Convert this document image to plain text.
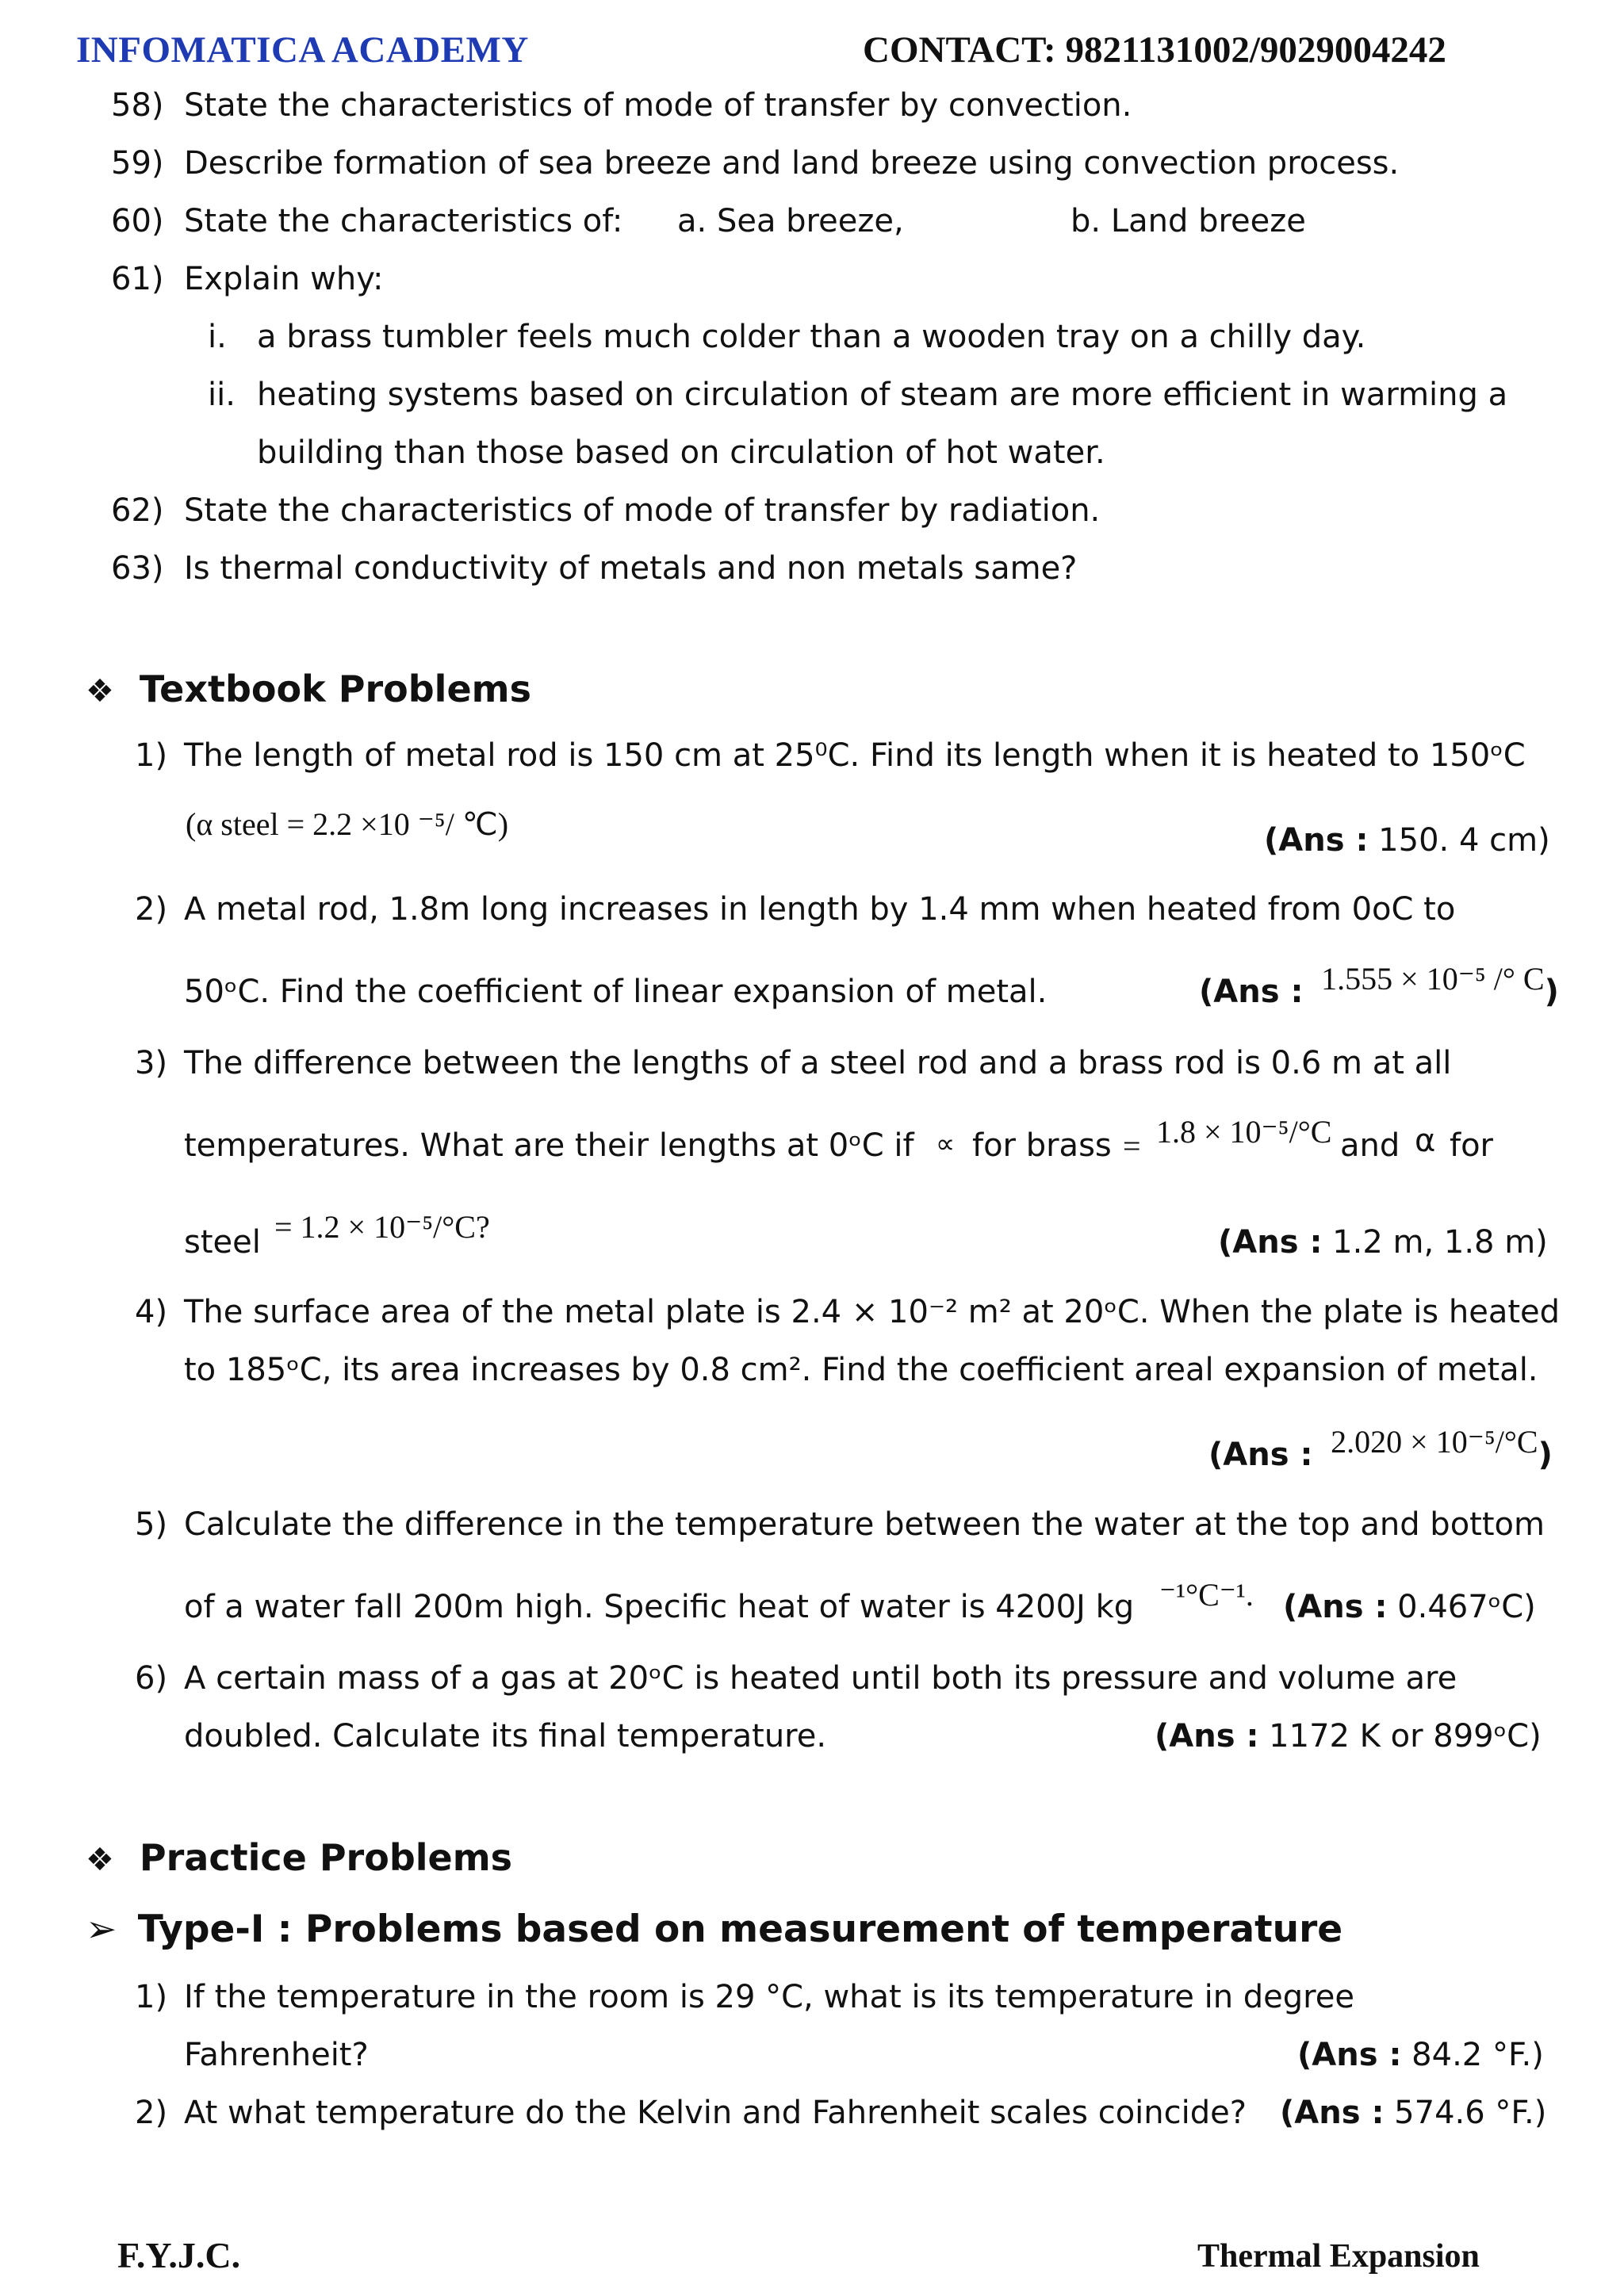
INFOMATICA ACADEMY	CONTACT: 9821131002/9029004242
58) State the characteristics of mode of transfer by convection.
59) Describe formation of sea breeze and land breeze using convection process.
60) State the characteristics of: a. Sea breeze,	b. Land breeze
61) Explain why:
i. a brass tumbler feels much colder than a wooden tray on a chilly day.
ii. heating systems based on circulation of steam are more efficient in warming a
building than those based on circulation of hot water.
62) State the characteristics of mode of transfer by radiation.
63) Is thermal conductivity of metals and non metals same?
❖ Textbook Problems
1) The length of metal rod is 150 cm at 25⁰C. Find its length when it is heated to 150ᵒC
(α steel = 2.2 ×10 ⁻⁵/ ℃)	(Ans : 150. 4 cm)
2) A metal rod, 1.8m long increases in length by 1.4 mm when heated from 0oC to
50ᵒC. Find the coefficient of linear expansion of metal.	(Ans : 1.555 × 10⁻⁵ /° C)
3) The difference between the lengths of a steel rod and a brass rod is 0.6 m at all
temperatures. What are their lengths at 0ᵒC if ∝ for brass = 1.8 × 10⁻⁵/°C and α for
steel = 1.2 × 10⁻⁵/°C?	(Ans : 1.2 m, 1.8 m)
4) The surface area of the metal plate is 2.4 × 10⁻² m² at 20ᵒC. When the plate is heated
to 185ᵒC, its area increases by 0.8 cm². Find the coefficient areal expansion of metal.
(Ans : 2.020 × 10⁻⁵/°C)
5) Calculate the difference in the temperature between the water at the top and bottom
of a water fall 200m high. Specific heat of water is 4200J kg ⁻¹°C⁻¹. (Ans : 0.467ᵒC)
6) A certain mass of a gas at 20ᵒC is heated until both its pressure and volume are
doubled. Calculate its final temperature.	(Ans : 1172 K or 899ᵒC)
❖ Practice Problems
➢ Type-I : Problems based on measurement of temperature
1) If the temperature in the room is 29 °C, what is its temperature in degree
Fahrenheit?	(Ans : 84.2 °F.)
2) At what temperature do the Kelvin and Fahrenheit scales coincide? (Ans : 574.6 °F.)
F.Y.J.C.	Thermal Expansion
